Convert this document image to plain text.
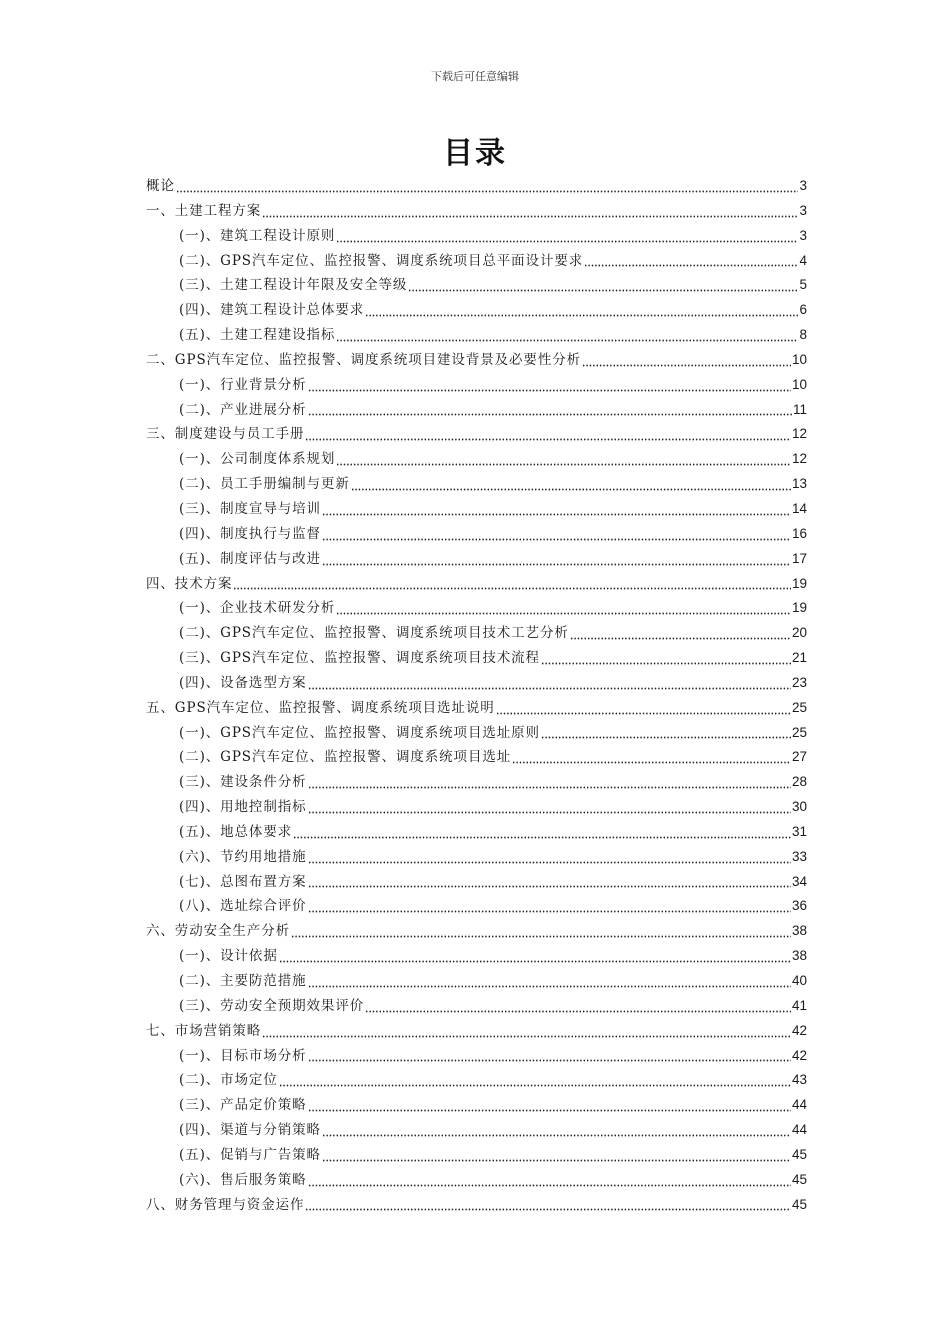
下载后可任意编辑
目录
概论	3
一、土建工程方案	3
(一)、建筑工程设计原则	3
(二)、GPS汽车定位、监控报警、调度系统项目总平面设计要求	4
(三)、土建工程设计年限及安全等级	5
(四)、建筑工程设计总体要求	6
(五)、土建工程建设指标	8
二、GPS汽车定位、监控报警、调度系统项目建设背景及必要性分析	10
(一)、行业背景分析	10
(二)、产业进展分析	11
三、制度建设与员工手册	12
(一)、公司制度体系规划	12
(二)、员工手册编制与更新	13
(三)、制度宣导与培训	14
(四)、制度执行与监督	16
(五)、制度评估与改进	17
四、技术方案	19
(一)、企业技术研发分析	19
(二)、GPS汽车定位、监控报警、调度系统项目技术工艺分析	20
(三)、GPS汽车定位、监控报警、调度系统项目技术流程	21
(四)、设备选型方案	23
五、GPS汽车定位、监控报警、调度系统项目选址说明	25
(一)、GPS汽车定位、监控报警、调度系统项目选址原则	25
(二)、GPS汽车定位、监控报警、调度系统项目选址	27
(三)、建设条件分析	28
(四)、用地控制指标	30
(五)、地总体要求	31
(六)、节约用地措施	33
(七)、总图布置方案	34
(八)、选址综合评价	36
六、劳动安全生产分析	38
(一)、设计依据	38
(二)、主要防范措施	40
(三)、劳动安全预期效果评价	41
七、市场营销策略	42
(一)、目标市场分析	42
(二)、市场定位	43
(三)、产品定价策略	44
(四)、渠道与分销策略	44
(五)、促销与广告策略	45
(六)、售后服务策略	45
八、财务管理与资金运作	45
